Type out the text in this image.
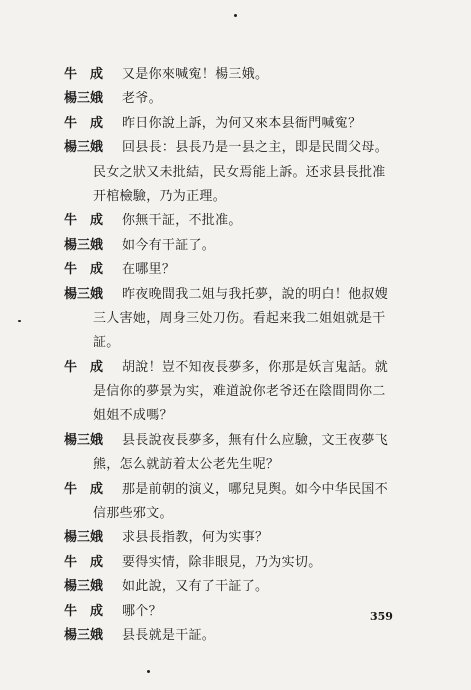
牛　成	又是你來喊寃！楊三娥。
楊三娥	老爷。
牛　成	昨日你說上訴，为何又來本县衙門喊寃？
楊三娥	回县長：县長乃是一县之主，即是民間父母。
民女之狀又未批結，民女焉能上訴。还求县長批准
开棺檢驗，乃为正理。
牛　成	你無干証，不批准。
楊三娥	如今有干証了。
牛　成	在哪里？
楊三娥	昨夜晚間我二姐与我托夢，說的明白！他叔嫂
三人害她，周身三处刀伤。看起来我二姐姐就是干
証。
牛　成	胡說！豈不知夜長夢多，你那是妖言鬼話。就
是信你的夢景为实，难道說你老爷还在陰間問你二
姐姐不成嗎？
楊三娥	县長說夜長夢多，無有什么应驗，文王夜夢飞
熊，怎么就訪着太公老先生呢？
牛　成	那是前朝的演义，哪兒見舆。如今中华民国不
信那些邪文。
楊三娥	求县長指教，何为实事？
牛　成	要得实情，除非眼見，乃为实切。
楊三娥	如此說，又有了干証了。
牛　成	哪个？
楊三娥	县長就是干証。
359
